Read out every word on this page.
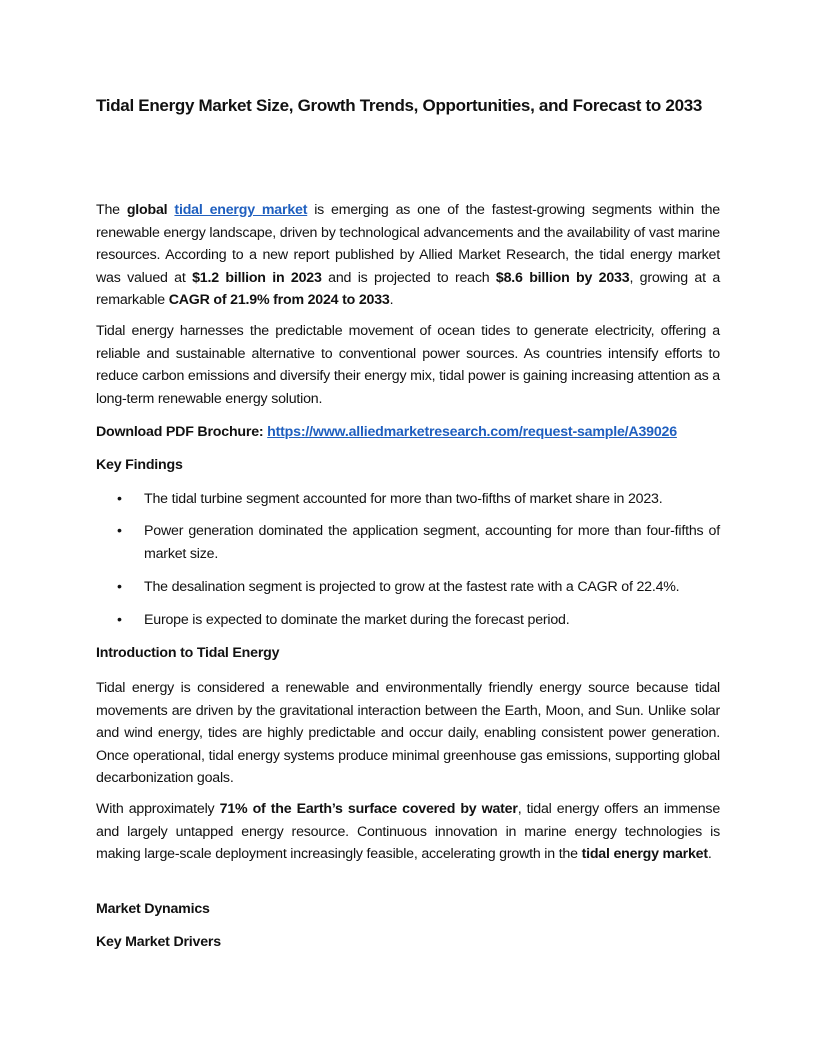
Tidal Energy Market Size, Growth Trends, Opportunities, and Forecast to 2033
The global tidal energy market is emerging as one of the fastest-growing segments within the renewable energy landscape, driven by technological advancements and the availability of vast marine resources. According to a new report published by Allied Market Research, the tidal energy market was valued at $1.2 billion in 2023 and is projected to reach $8.6 billion by 2033, growing at a remarkable CAGR of 21.9% from 2024 to 2033.
Tidal energy harnesses the predictable movement of ocean tides to generate electricity, offering a reliable and sustainable alternative to conventional power sources. As countries intensify efforts to reduce carbon emissions and diversify their energy mix, tidal power is gaining increasing attention as a long-term renewable energy solution.
Download PDF Brochure: https://www.alliedmarketresearch.com/request-sample/A39026
Key Findings
• The tidal turbine segment accounted for more than two-fifths of market share in 2023.
• Power generation dominated the application segment, accounting for more than four-fifths of market size.
• The desalination segment is projected to grow at the fastest rate with a CAGR of 22.4%.
• Europe is expected to dominate the market during the forecast period.
Introduction to Tidal Energy
Tidal energy is considered a renewable and environmentally friendly energy source because tidal movements are driven by the gravitational interaction between the Earth, Moon, and Sun. Unlike solar and wind energy, tides are highly predictable and occur daily, enabling consistent power generation. Once operational, tidal energy systems produce minimal greenhouse gas emissions, supporting global decarbonization goals.
With approximately 71% of the Earth’s surface covered by water, tidal energy offers an immense and largely untapped energy resource. Continuous innovation in marine energy technologies is making large-scale deployment increasingly feasible, accelerating growth in the tidal energy market.
Market Dynamics
Key Market Drivers
